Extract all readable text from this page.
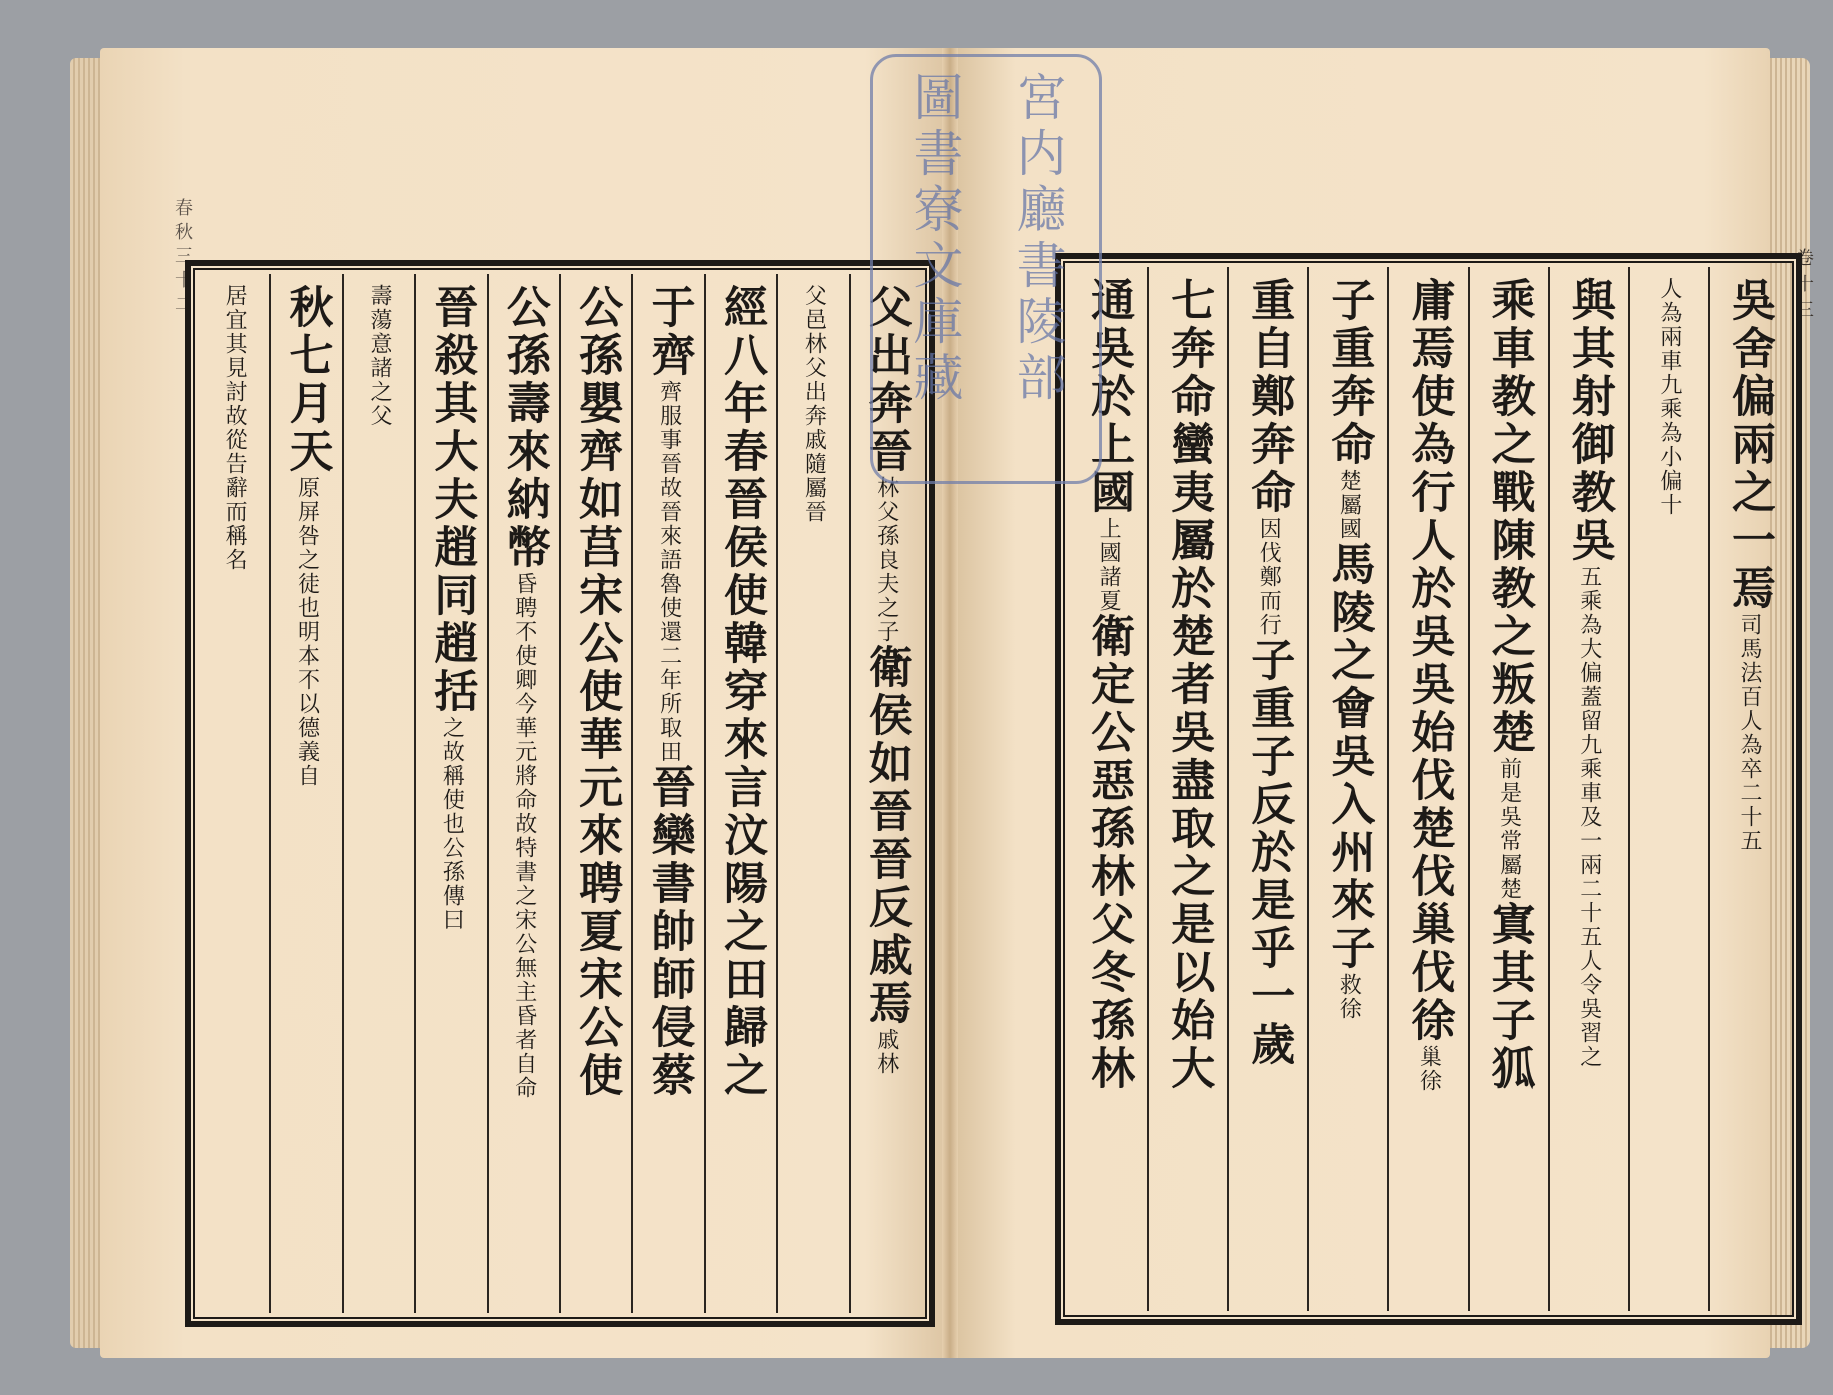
春秋三十二	卷十三
父出奔晉
林父孫良夫之子
衛侯如晉晉反戚焉
戚林
父邑林父出奔戚隨屬晉
經八年春晉侯使韓穿來言汶陽之田歸之
于齊
齊服事晉故晉來語魯使還二年所取田
晉欒書帥師侵蔡
公孫嬰齊如莒宋公使華元來聘夏宋公使
公孫壽來納幣
昏聘不使卿今華元將命故特書之宋公無主昏者自命
晉殺其大夫趙同趙括
之故稱使也公孫
傳曰
壽蕩意諸之父
秋七月天
原屏咎之徒也明本不以德義自
居宜其見討故從告辭而稱名	吳舍偏兩之一焉
司馬法百人為卒二十五
人為兩車九乘為小偏十
與其射御教吳
五乘為大偏蓋留九乘車及一兩二十五人令吳習之
乘車教之戰陳教之叛楚
前是吳常屬楚
寘其子狐
庸焉使為行人於吳吳始伐楚伐巢伐徐
巢徐
子重奔命
楚屬國
馬陵之會吳入州來子
救徐
重自鄭奔命
因伐鄭而行
子重子反於是乎一歲
七奔命蠻夷屬於楚者吳盡取之是以始大
通吳於上國
上國諸夏
衛定公惡孫林父冬孫林
宮内廳書陵部
圖書寮文庫藏
